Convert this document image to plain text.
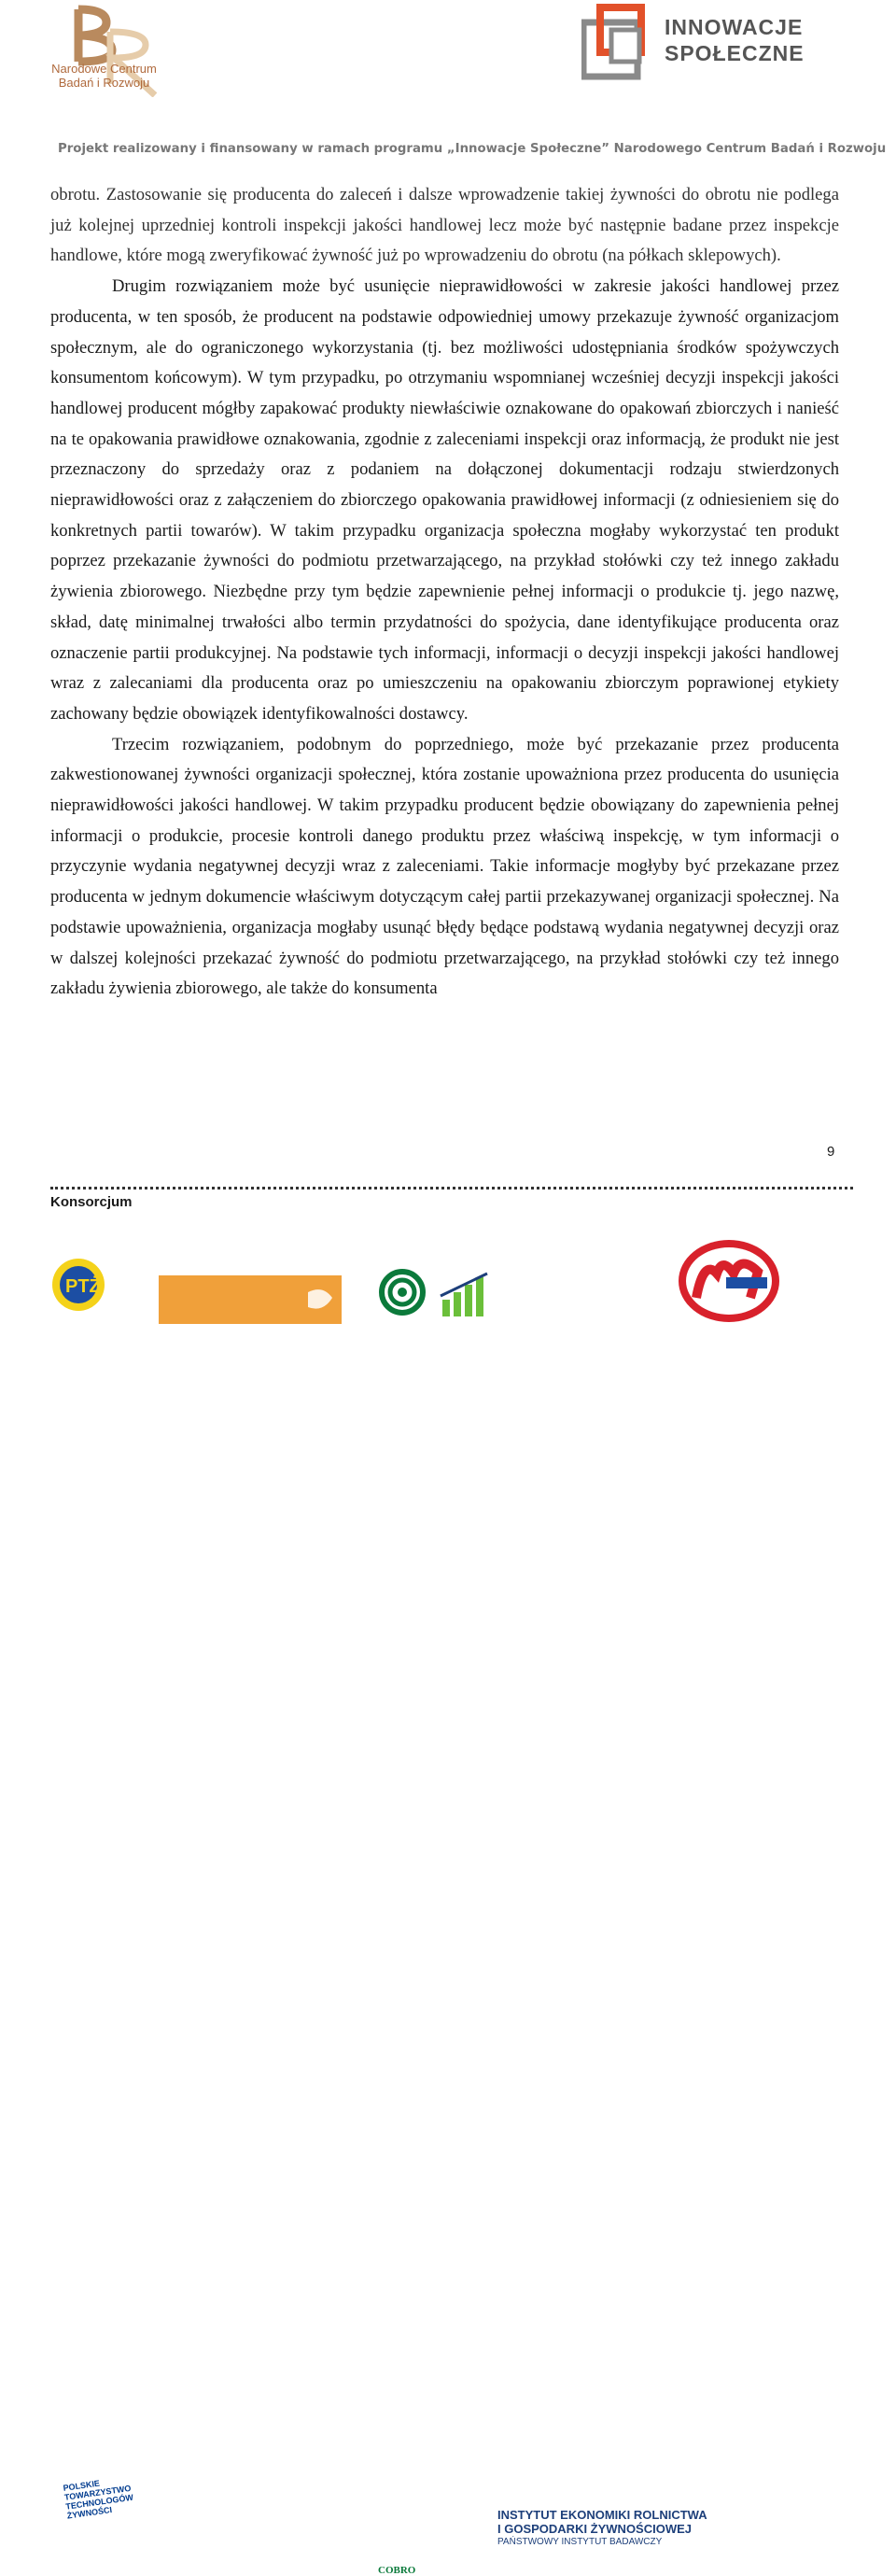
Narodowe Centrum
Badań i Rozwoju
INNOWACJE
SPOŁECZNE
Projekt realizowany i finansowany w ramach programu „Innowacje Społeczne” Narodowego Centrum Badań i Rozwoju

obrotu. Zastosowanie się producenta do zaleceń i dalsze wprowadzenie takiej żywności do obrotu nie podlega już kolejnej uprzedniej kontroli inspekcji jakości handlowej lecz może być następnie badane przez inspekcje handlowe, które mogą zweryfikować żywność już po wprowadzeniu do obrotu (na półkach sklepowych).

Drugim rozwiązaniem może być usunięcie nieprawidłowości w zakresie jakości handlowej przez producenta, w ten sposób, że producent na podstawie odpowiedniej umowy przekazuje żywność organizacjom społecznym, ale do ograniczonego wykorzystania (tj. bez możliwości udostępniania środków spożywczych konsumentom końcowym). W tym przypadku, po otrzymaniu wspomnianej wcześniej decyzji inspekcji jakości handlowej producent mógłby zapakować produkty niewłaściwie oznakowane do opakowań zbiorczych i nanieść na te opakowania prawidłowe oznakowania, zgodnie z zaleceniami inspekcji oraz informacją, że produkt nie jest przeznaczony do sprzedaży oraz z podaniem na dołączonej dokumentacji rodzaju stwierdzonych nieprawidłowości oraz z załączeniem do zbiorczego opakowania prawidłowej informacji (z odniesieniem się do konkretnych partii towarów). W takim przypadku organizacja społeczna mogłaby wykorzystać ten produkt poprzez przekazanie żywności do podmiotu przetwarzającego, na przykład stołówki czy też innego zakładu żywienia zbiorowego. Niezbędne przy tym będzie zapewnienie pełnej informacji o produkcie tj. jego nazwę, skład, datę minimalnej trwałości albo termin przydatności do spożycia, dane identyfikujące producenta oraz oznaczenie partii produkcyjnej. Na podstawie tych informacji, informacji o decyzji inspekcji jakości handlowej wraz z zalecaniami dla producenta oraz po umieszczeniu na opakowaniu zbiorczym poprawionej etykiety zachowany będzie obowiązek identyfikowalności dostawcy.

Trzecim rozwiązaniem, podobnym do poprzedniego, może być przekazanie przez producenta zakwestionowanej żywności organizacji społecznej, która zostanie upoważniona przez producenta do usunięcia nieprawidłowości jakości handlowej. W takim przypadku producent będzie obowiązany do zapewnienia pełnej informacji o produkcie, procesie kontroli danego produktu przez właściwą inspekcję, w tym informacji o przyczynie wydania negatywnej decyzji wraz z zaleceniami. Takie informacje mogłyby być przekazane przez producenta w jednym dokumencie właściwym dotyczącym całej partii przekazywanej organizacji społecznej. Na podstawie upoważnienia, organizacja mogłaby usunąć błędy będące podstawą wydania negatywnej decyzji oraz w dalszej kolejności przekazać żywność do podmiotu przetwarzającego, na przykład stołówki czy też innego zakładu żywienia zbiorowego, ale także do konsumenta

9
Konsorcjum
PTŻ
POLSKIE TOWARZYSTWO TECHNOLOGÓW ŻYWNOŚCI
Banki Żywności
COBRO
INSTYTUT EKONOMIKI ROLNICTWA
I GOSPODARKI ŻYWNOŚCIOWEJ
PAŃSTWOWY INSTYTUT BADAWCZY
MLEKOVITA
